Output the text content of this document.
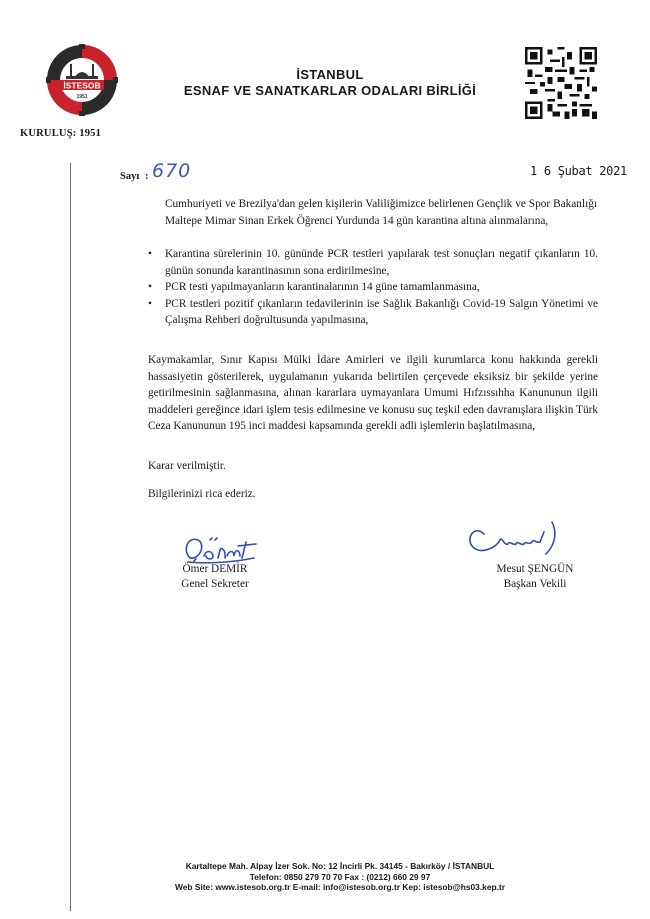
İSTESOB
1951
KURULUŞ: 1951
İSTANBUL
ESNAF VE SANATKARLAR ODALARI BİRLİĞİ
Sayı : 670	1 6 Şubat 2021
Cumhuriyeti ve Brezilya'dan gelen kişilerin Valiliğimizce belirlenen Gençlik ve Spor Bakanlığı Maltepe Mimar Sinan Erkek Öğrenci Yurdunda 14 gün karantina altına alınmalarına,
• Karantina sürelerinin 10. gününde PCR testleri yapılarak test sonuçları negatif çıkanların 10. günün sonunda karantinasının sona erdirilmesine,
• PCR testi yapılmayanların karantinalarının 14 güne tamamlanmasına,
• PCR testleri pozitif çıkanların tedavilerinin ise Sağlık Bakanlığı Covid-19 Salgın Yönetimi ve Çalışma Rehberi doğrultusunda yapılmasına,
Kaymakamlar, Sınır Kapısı Mülki İdare Amirleri ve ilgili kurumlarca konu hakkında gerekli hassasiyetin gösterilerek, uygulamanın yukarıda belirtilen çerçevede eksiksiz bir şekilde yerine getirilmesinin sağlanmasına, alınan kararlara uymayanlara Umumi Hıfzıssıhha Kanununun ilgili maddeleri gereğince idari işlem tesis edilmesine ve konusu suç teşkil eden davranışlara ilişkin Türk Ceza Kanununun 195 inci maddesi kapsamında gerekli adli işlemlerin başlatılmasına,
Karar verilmiştir.
Bilgilerinizi rica ederiz.
Ömer DEMİR
Genel Sekreter
Mesut ŞENGÜN
Başkan Vekili
Kartaltepe Mah. Alpay İzer Sok. No: 12 İncirli Pk. 34145 - Bakırköy / İSTANBUL
Telefon: 0850 279 70 70 Fax : (0212) 660 29 97
Web Site: www.istesob.org.tr E-mail: info@istesob.org.tr Kep: istesob@hs03.kep.tr
